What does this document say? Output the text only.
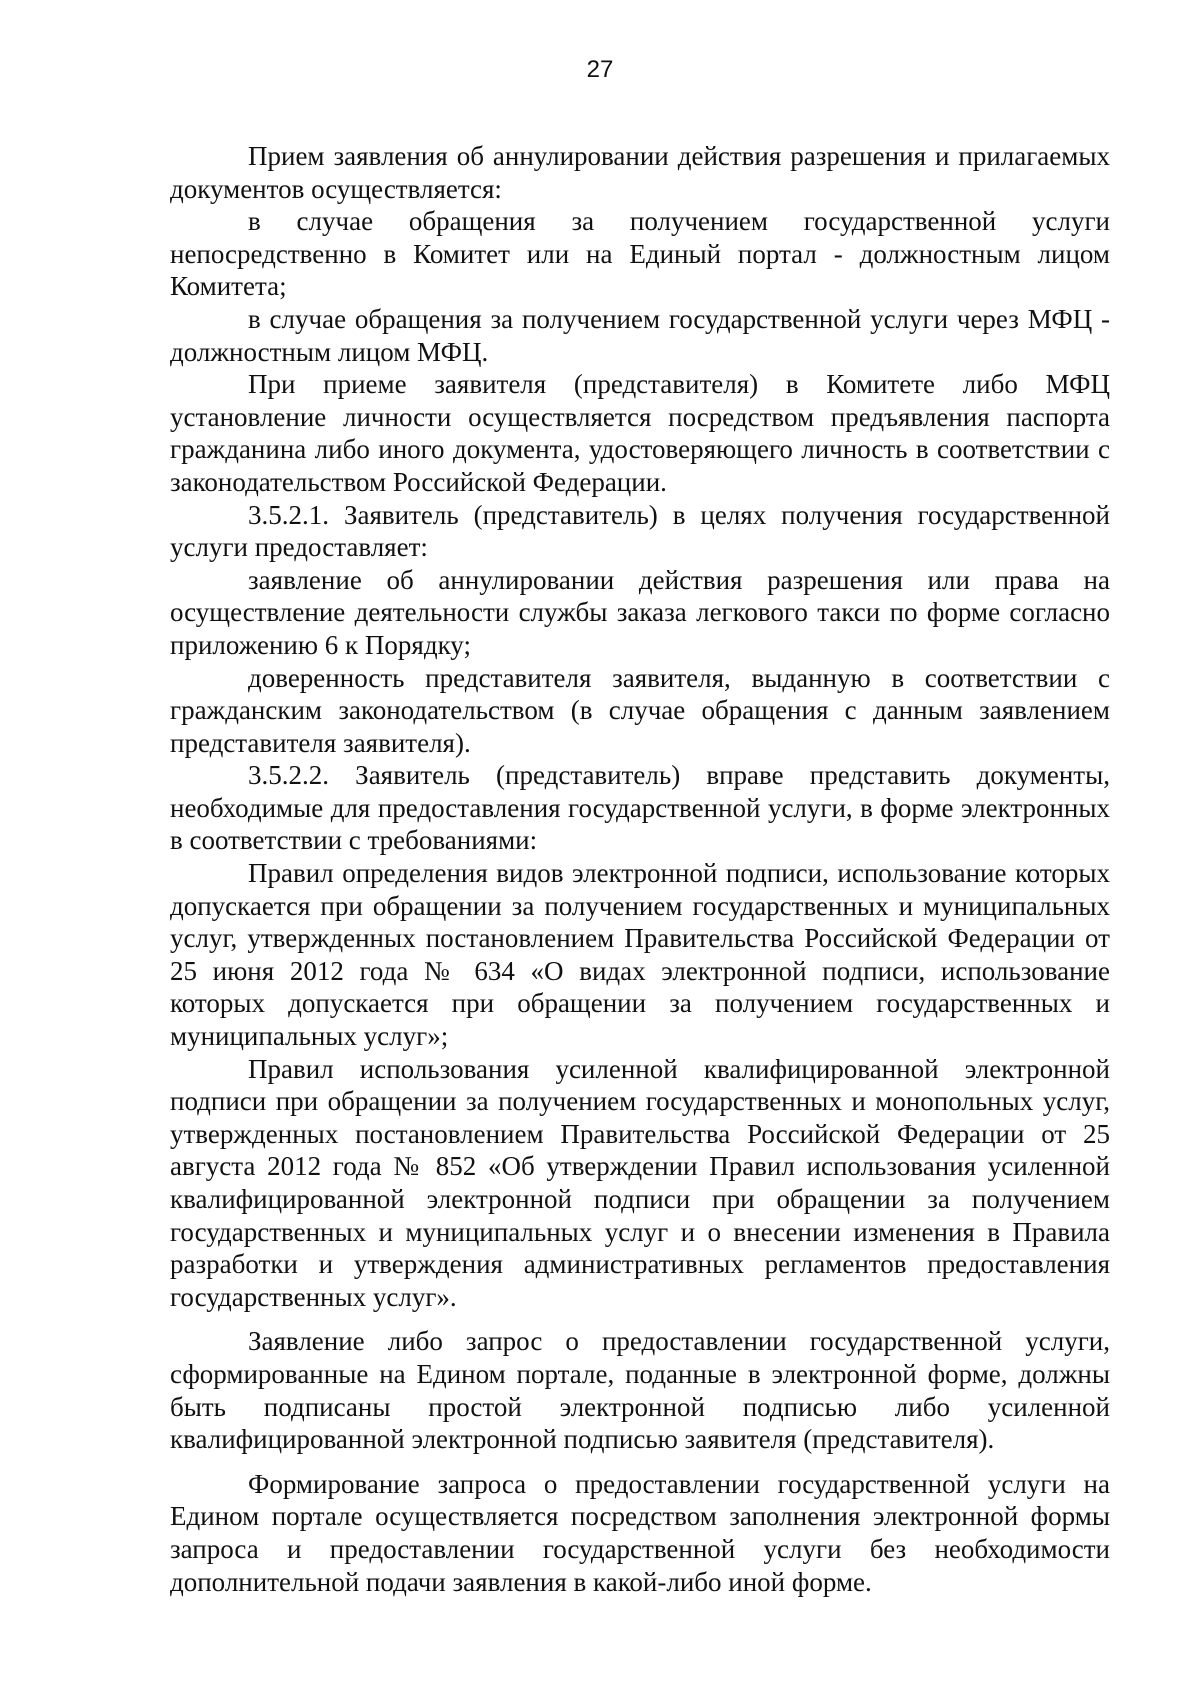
27

Прием заявления об аннулировании действия разрешения и прилагаемых документов осуществляется:

в случае обращения за получением государственной услуги непосредственно в Комитет или на Единый портал - должностным лицом Комитета;

в случае обращения за получением государственной услуги через МФЦ - должностным лицом МФЦ.

При приеме заявителя (представителя) в Комитете либо МФЦ установление личности осуществляется посредством предъявления паспорта гражданина либо иного документа, удостоверяющего личность в соответствии с законодательством Российской Федерации.

3.5.2.1. Заявитель (представитель) в целях получения государственной услуги предоставляет:

заявление об аннулировании действия разрешения или права на осуществление деятельности службы заказа легкового такси по форме согласно приложению 6 к Порядку;

доверенность представителя заявителя, выданную в соответствии с гражданским законодательством (в случае обращения с данным заявлением представителя заявителя).

3.5.2.2. Заявитель (представитель) вправе представить документы, необходимые для предоставления государственной услуги, в форме электронных в соответствии с требованиями:

Правил определения видов электронной подписи, использование которых допускается при обращении за получением государственных и муниципальных услуг, утвержденных постановлением Правительства Российской Федерации от 25 июня 2012 года № 634 «О видах электронной подписи, использование которых допускается при обращении за получением государственных и муниципальных услуг»;

Правил использования усиленной квалифицированной электронной подписи при обращении за получением государственных и монопольных услуг, утвержденных постановлением Правительства Российской Федерации от 25 августа 2012 года № 852 «Об утверждении Правил использования усиленной квалифицированной электронной подписи при обращении за получением государственных и муниципальных услуг и о внесении изменения в Правила разработки и утверждения административных регламентов предоставления государственных услуг».

Заявление либо запрос о предоставлении государственной услуги, сформированные на Едином портале, поданные в электронной форме, должны быть подписаны простой электронной подписью либо усиленной квалифицированной электронной подписью заявителя (представителя).

Формирование запроса о предоставлении государственной услуги на Едином портале осуществляется посредством заполнения электронной формы запроса и предоставлении государственной услуги без необходимости дополнительной подачи заявления в какой-либо иной форме.
